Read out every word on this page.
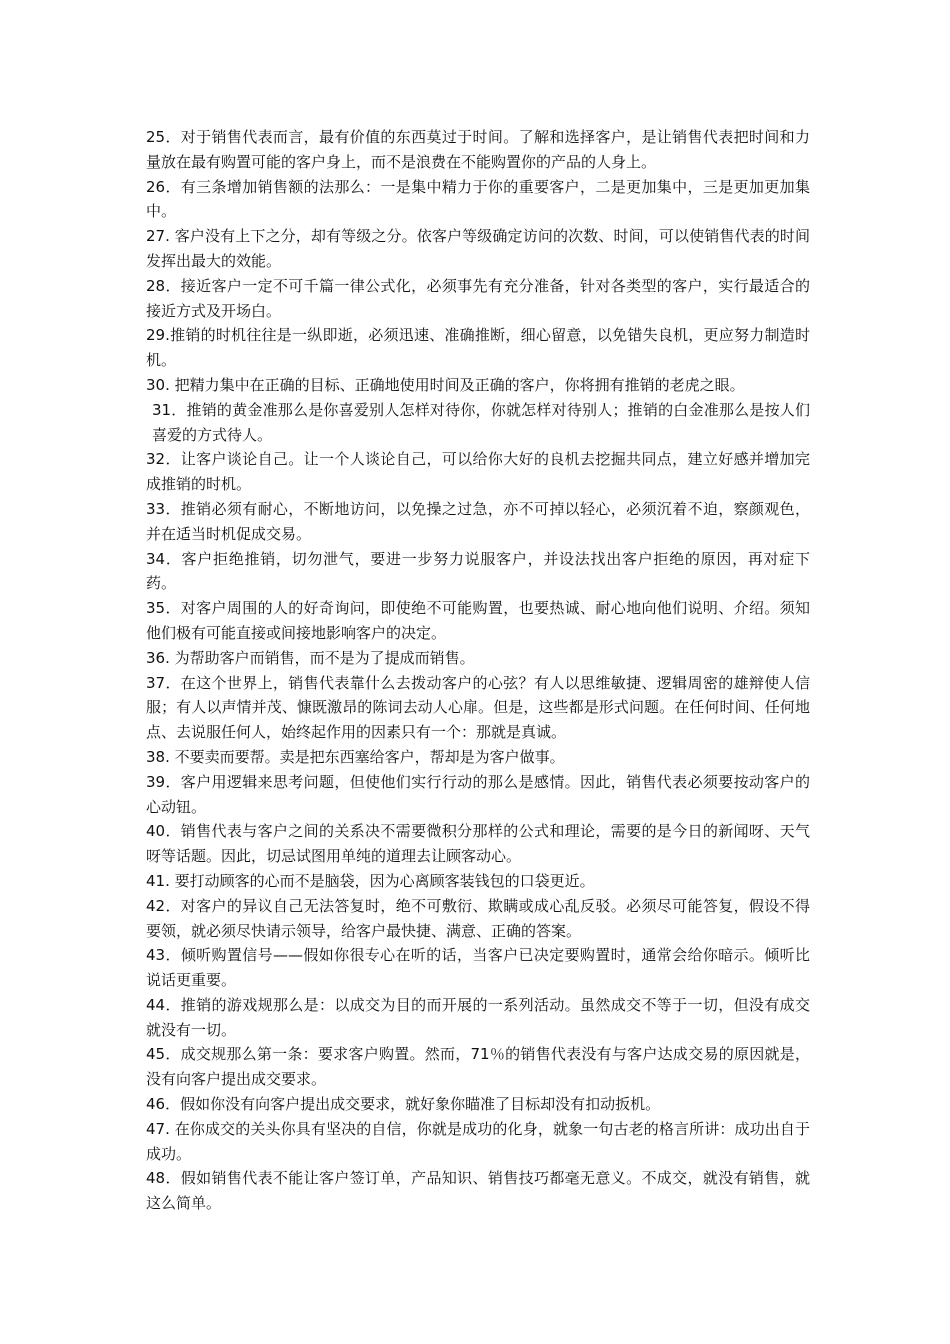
25．对于销售代表而言，最有价值的东西莫过于时间。了解和选择客户，是让销售代表把时间和力量放在最有购置可能的客户身上，而不是浪费在不能购置你的产品的人身上。

26．有三条增加销售额的法那么：一是集中精力于你的重要客户，二是更加集中，三是更加更加集中。

27. 客户没有上下之分，却有等级之分。依客户等级确定访问的次数、时间，可以使销售代表的时间发挥出最大的效能。

28．接近客户一定不可千篇一律公式化，必须事先有充分准备，针对各类型的客户，实行最适合的接近方式及开场白。

29.推销的时机往往是一纵即逝，必须迅速、准确推断，细心留意，以免错失良机，更应努力制造时机。

30. 把精力集中在正确的目标、正确地使用时间及正确的客户，你将拥有推销的老虎之眼。

31．推销的黄金准那么是你喜爱别人怎样对待你，你就怎样对待别人；推销的白金准那么是按人们喜爱的方式待人。

32．让客户谈论自己。让一个人谈论自己，可以给你大好的良机去挖掘共同点，建立好感并增加完成推销的时机。

33．推销必须有耐心，不断地访问，以免操之过急，亦不可掉以轻心，必须沉着不迫，察颜观色，并在适当时机促成交易。

34．客户拒绝推销，切勿泄气，要进一步努力说服客户，并设法找出客户拒绝的原因，再对症下药。

35．对客户周围的人的好奇询问，即使绝不可能购置，也要热诚、耐心地向他们说明、介绍。须知他们极有可能直接或间接地影响客户的决定。

36. 为帮助客户而销售，而不是为了提成而销售。

37．在这个世界上，销售代表靠什么去拨动客户的心弦？有人以思维敏捷、逻辑周密的雄辩使人信服；有人以声情并茂、慷既激昂的陈词去动人心扉。但是，这些都是形式问题。在任何时间、任何地点、去说服任何人，始终起作用的因素只有一个：那就是真诚。

38. 不要卖而要帮。卖是把东西塞给客户，帮却是为客户做事。

39．客户用逻辑来思考问题，但使他们实行行动的那么是感情。因此，销售代表必须要按动客户的心动钮。

40．销售代表与客户之间的关系决不需要微积分那样的公式和理论，需要的是今日的新闻呀、天气呀等话题。因此，切忌试图用单纯的道理去让顾客动心。

41. 要打动顾客的心而不是脑袋，因为心离顾客装钱包的口袋更近。

42．对客户的异议自己无法答复时，绝不可敷衍、欺瞒或成心乱反驳。必须尽可能答复，假设不得要领，就必须尽快请示领导，给客户最快捷、满意、正确的答案。

43．倾听购置信号——假如你很专心在听的话，当客户已决定要购置时，通常会给你暗示。倾听比说话更重要。

44．推销的游戏规那么是：以成交为目的而开展的一系列活动。虽然成交不等于一切，但没有成交就没有一切。

45．成交规那么第一条：要求客户购置。然而，71％的销售代表没有与客户达成交易的原因就是，没有向客户提出成交要求。

46．假如你没有向客户提出成交要求，就好象你瞄准了目标却没有扣动扳机。

47. 在你成交的关头你具有坚决的自信，你就是成功的化身，就象一句古老的格言所讲：成功出自于成功。

48．假如销售代表不能让客户签订单，产品知识、销售技巧都毫无意义。不成交，就没有销售，就这么简单。
